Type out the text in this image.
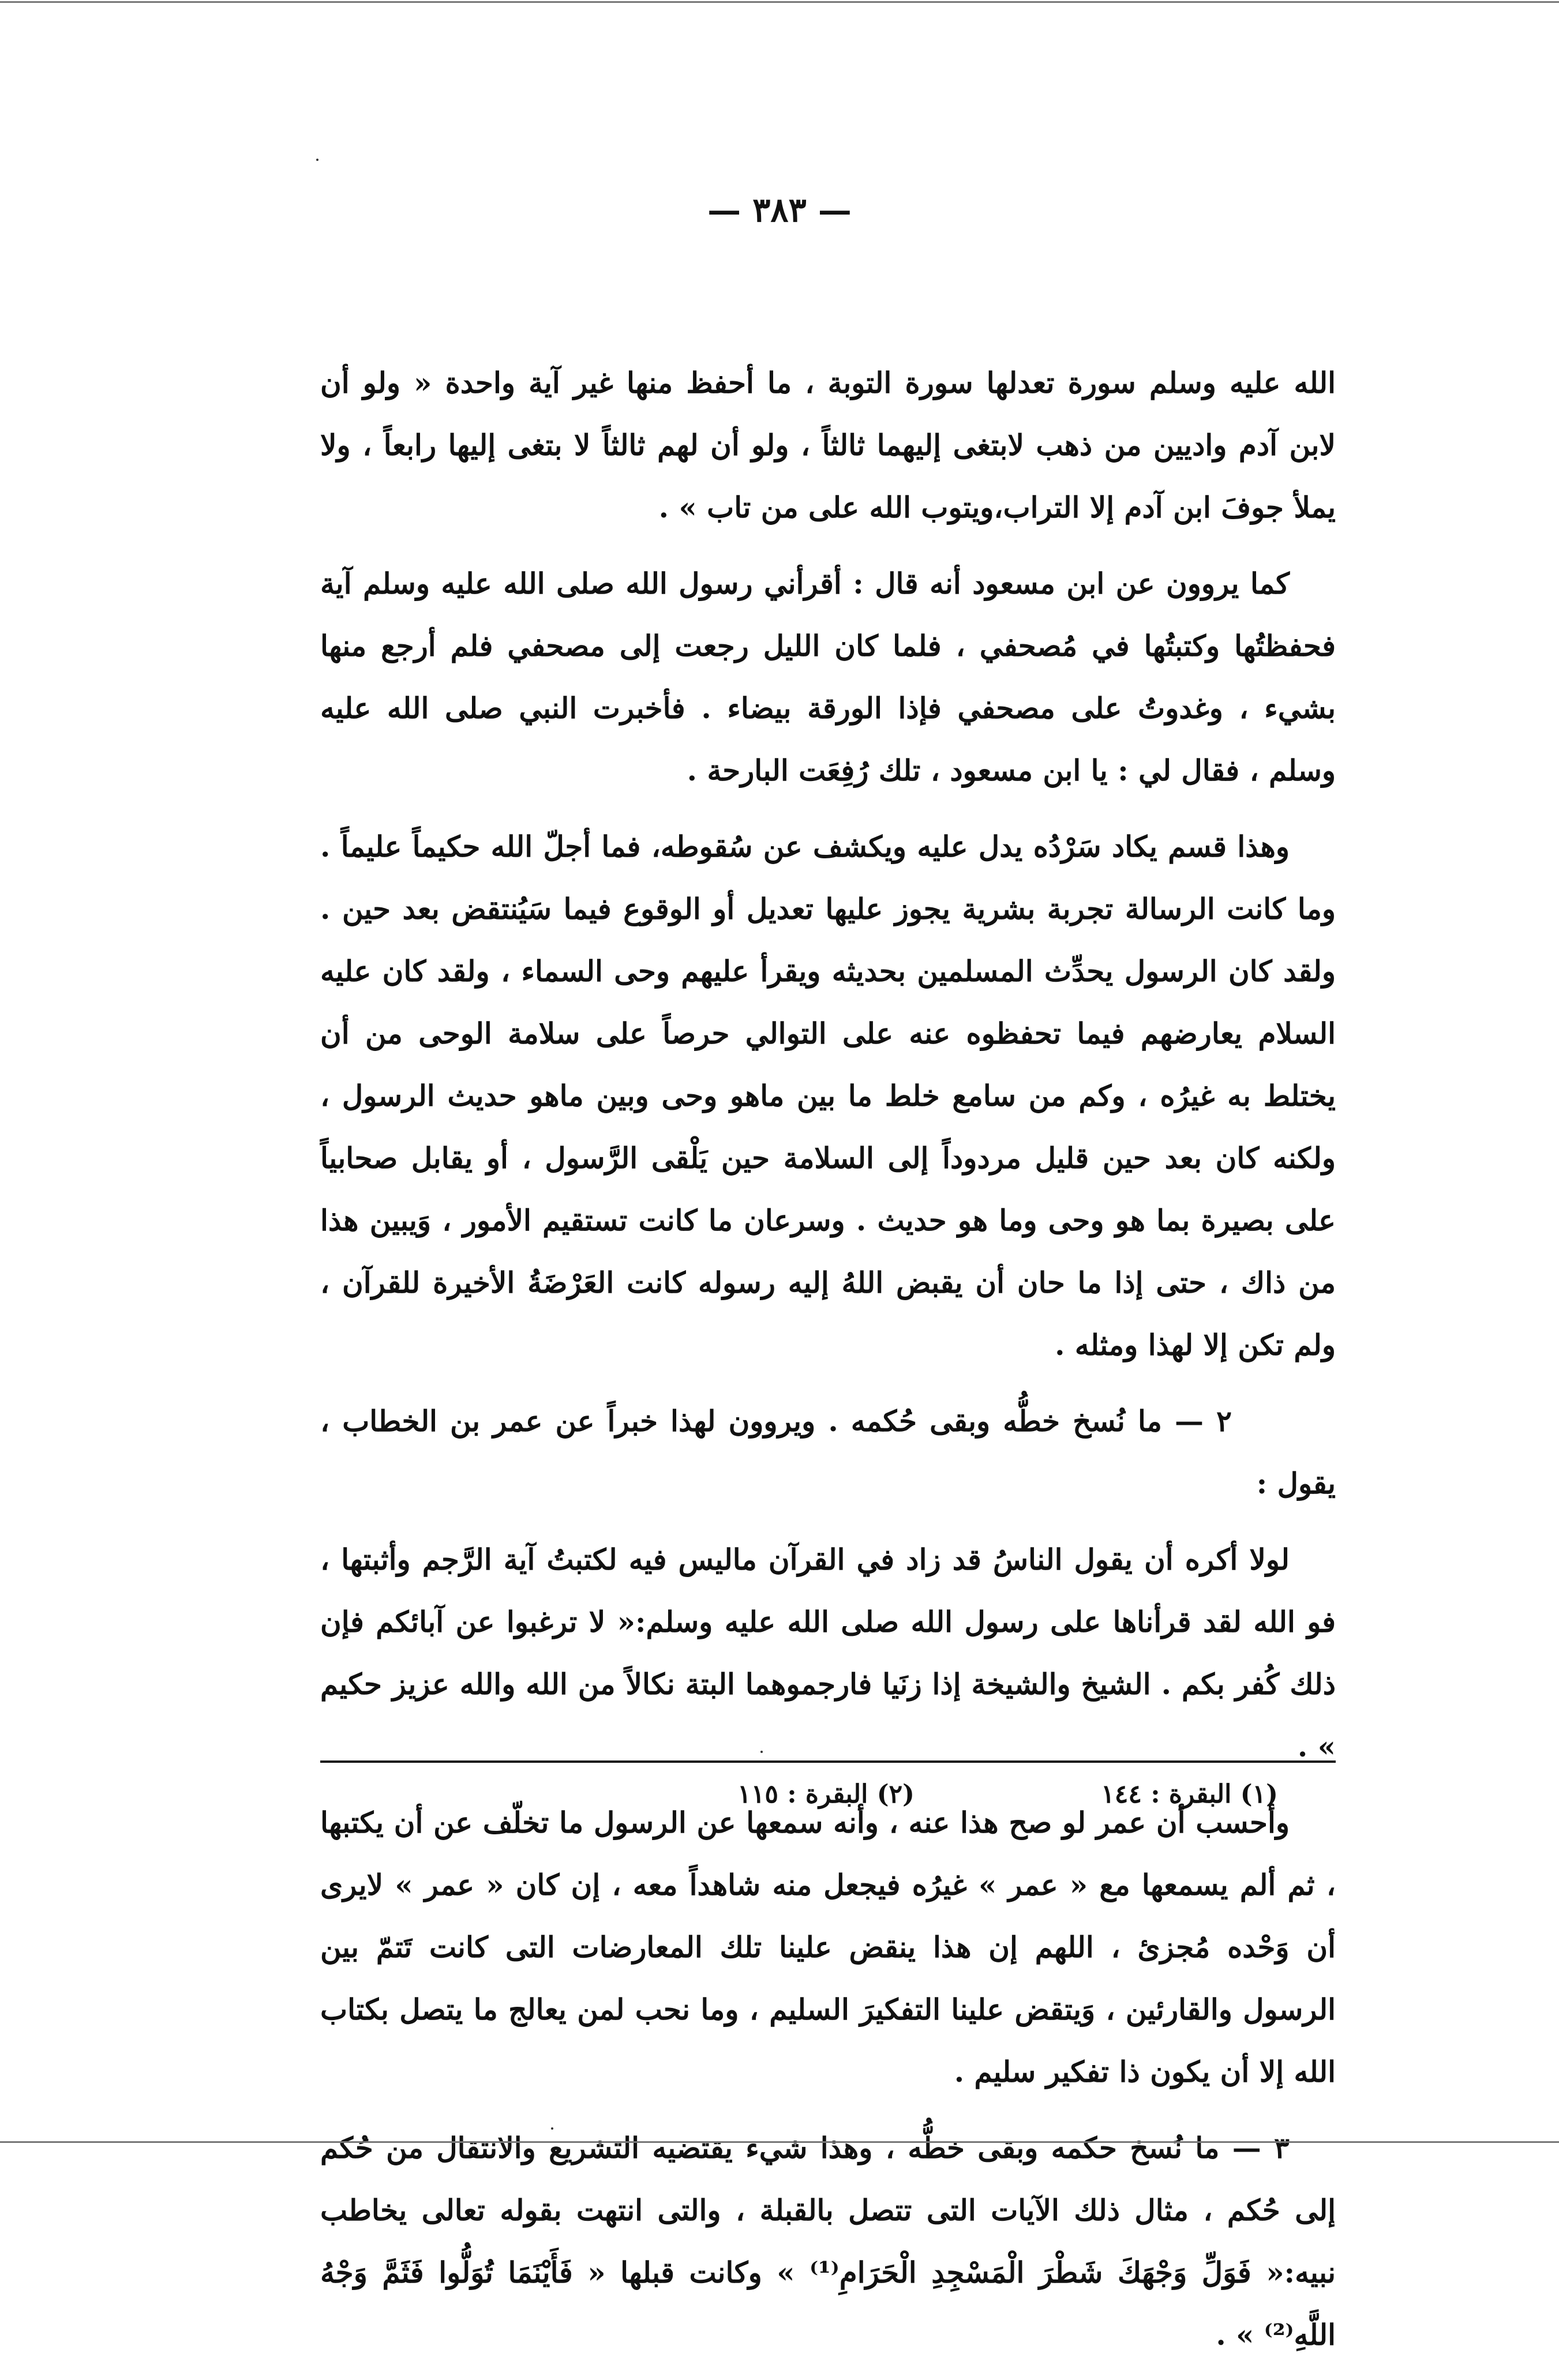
— ٣٨٣ —

الله عليه وسلم سورة تعدلها سورة التوبة ، ما أحفظ منها غير آية واحدة « ولو أن لابن آدم واديين من ذهب لابتغى إليهما ثالثاً ، ولو أن لهم ثالثاً لا بتغى إليها رابعاً ، ولا يملأ جوفَ ابن آدم إلا التراب،ويتوب الله على من تاب » .

كما يروون عن ابن مسعود أنه قال : أقرأني رسول الله صلى الله عليه وسلم آية فحفظتُها وكتبتُها في مُصحفي ، فلما كان الليل رجعت إلى مصحفي فلم أرجع منها بشيء ، وغدوتُ على مصحفي فإذا الورقة بيضاء . فأخبرت النبي صلى الله عليه وسلم ، فقال لي : يا ابن مسعود ، تلك رُفِعَت البارحة .

وهذا قسم يكاد سَرْدُه يدل عليه ويكشف عن سُقوطه، فما أجلّ الله حكيماً عليماً . وما كانت الرسالة تجربة بشرية يجوز عليها تعديل أو الوقوع فيما سَيُنتقض بعد حين . ولقد كان الرسول يحدِّث المسلمين بحديثه ويقرأ عليهم وحى السماء ، ولقد كان عليه السلام يعارضهم فيما تحفظوه عنه على التوالي حرصاً على سلامة الوحى من أن يختلط به غيرُه ، وكم من سامع خلط ما بين ماهو وحى وبين ماهو حديث الرسول ، ولكنه كان بعد حين قليل مردوداً إلى السلامة حين يَلْقى الرَّسول ، أو يقابل صحابياً على بصيرة بما هو وحى وما هو حديث . وسرعان ما كانت تستقيم الأمور ، وَيبين هذا من ذاك ، حتى إذا ما حان أن يقبض اللهُ إليه رسوله كانت العَرْضَةُ الأخيرة للقرآن ، ولم تكن إلا لهذا ومثله .

٢ — ما نُسخ خطُّه وبقى حُكمه . ويروون لهذا خبراً عن عمر بن الخطاب ، يقول :

لولا أكره أن يقول الناسُ قد زاد في القرآن ماليس فيه لكتبتُ آية الرَّجم وأثبتها ، فو الله لقد قرأناها على رسول الله صلى الله عليه وسلم:« لا ترغبوا عن آبائكم فإن ذلك كُفر بكم . الشيخ والشيخة إذا زنَيا فارجموهما البتة نكالاً من الله والله عزيز حكيم » .

وأحسب أن عمر لو صح هذا عنه ، وأنه سمعها عن الرسول ما تخلّف عن أن يكتبها ، ثم ألم يسمعها مع « عمر » غيرُه فيجعل منه شاهداً معه ، إن كان « عمر » لايرى أن وَحْده مُجزئ ، اللهم إن هذا ينقض علينا تلك المعارضات التى كانت تَتمّ بين الرسول والقارئين ، وَيتقض علينا التفكيرَ السليم ، وما نحب لمن يعالج ما يتصل بكتاب الله إلا أن يكون ذا تفكير سليم .

٣ — ما نُسخ حكمه وبقى خطُّه ، وهذا شيء يقتضيه التشريع والانتقال من حُكم إلى حُكم ، مثال ذلك الآيات التى تتصل بالقبلة ، والتى انتهت بقوله تعالى يخاطب نبيه:« فَوَلِّ وَجْهَكَ شَطْرَ الْمَسْجِدِ الْحَرَامِ⁽¹⁾ » وكانت قبلها « فَأَيْنَمَا تُوَلُّوا فَثَمَّ وَجْهُ اللَّهِ⁽²⁾ » .

(١) البقرة : ١٤٤
(٢) البقرة : ١١٥
